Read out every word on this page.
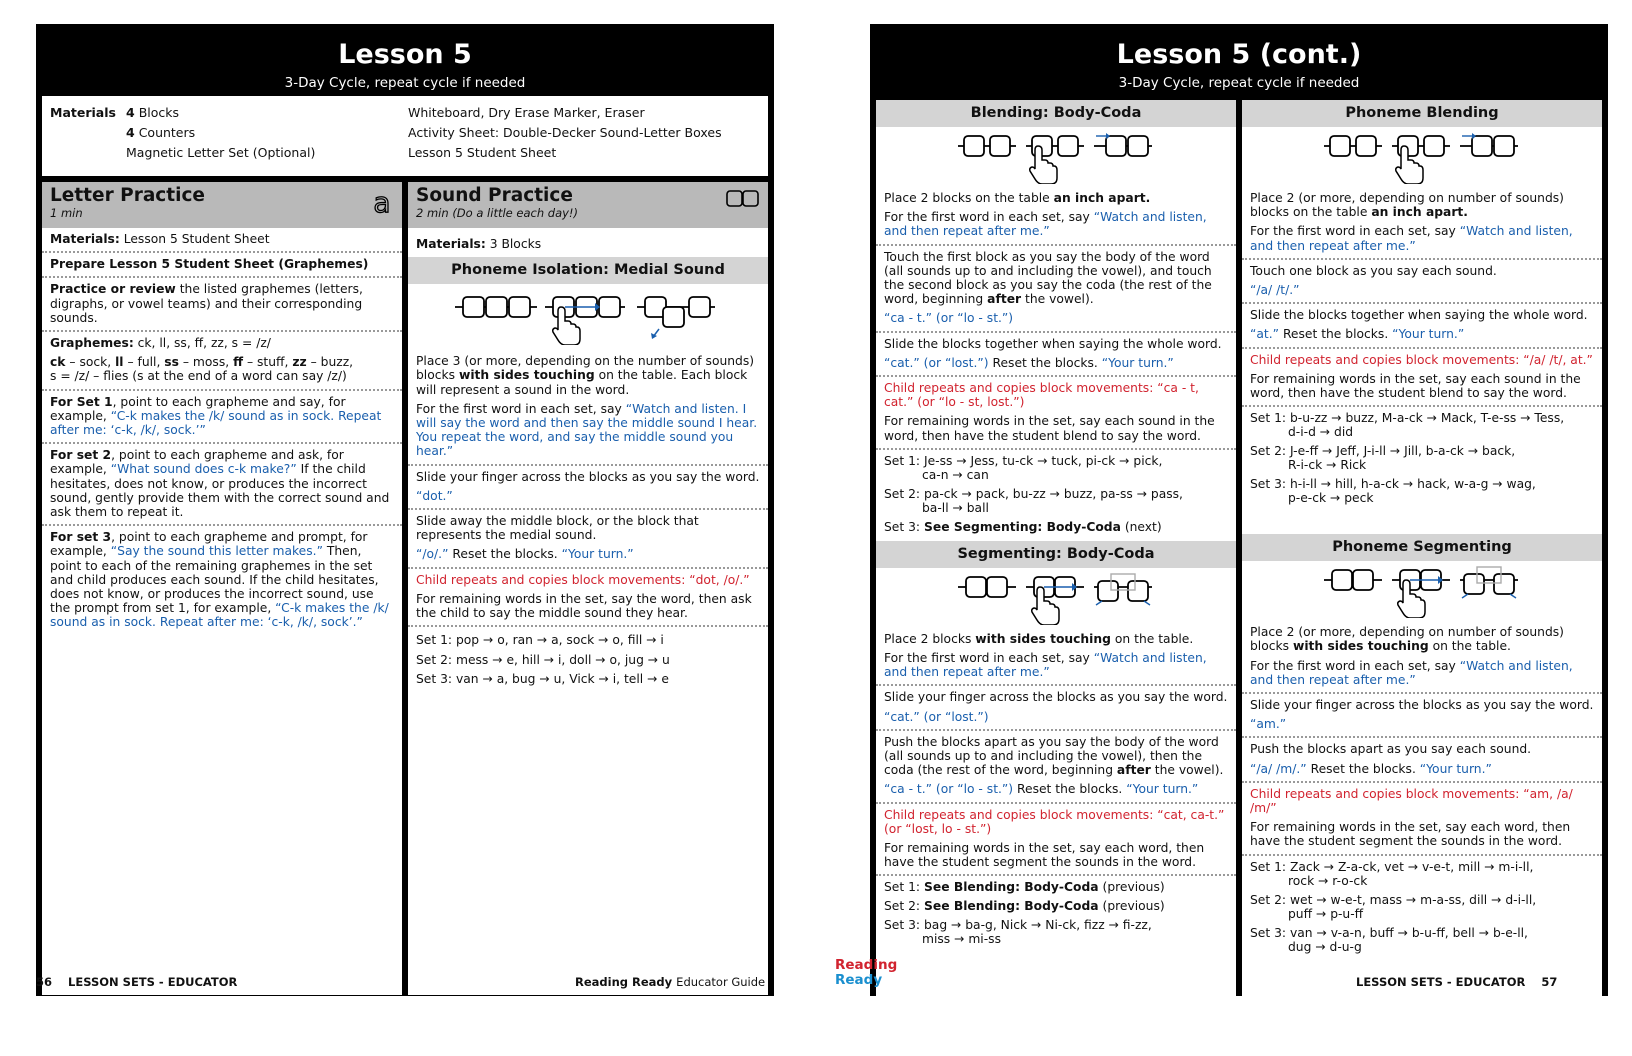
Lesson 5
3-Day Cycle, repeat cycle if needed
Materials 4 Blocks
4 Counters
Magnetic Letter Set (Optional)
Whiteboard, Dry Erase Marker, Eraser
Activity Sheet: Double-Decker Sound-Letter Boxes
Lesson 5 Student Sheet
Letter Practice
1 min	a
Materials: Lesson 5 Student Sheet
Prepare Lesson 5 Student Sheet (Graphemes)
Practice or review the listed graphemes (letters, digraphs, or vowel teams) and their corresponding sounds.

Graphemes: ck, ll, ss, ff, zz, s = /z/

ck – sock, ll – full, ss – moss, ff – stuff, zz – buzz,
s = /z/ – flies (s at the end of a word can say /z/)

For Set 1, point to each grapheme and say, for example, “C-k makes the /k/ sound as in sock. Repeat after me: ‘c-k, /k/, sock.’”
For set 2, point to each grapheme and ask, for example, “What sound does c-k make?” If the child hesitates, does not know, or produces the incorrect sound, gently provide them with the correct sound and ask them to repeat it.
For set 3, point to each grapheme and prompt, for example, “Say the sound this letter makes.” Then, point to each of the remaining graphemes in the set and child produces each sound. If the child hesitates, does not know, or produces the incorrect sound, use the prompt from set 1, for example, “C-k makes the /k/ sound as in sock. Repeat after me: ‘c-k, /k/, sock’.”
Sound Practice
2 min (Do a little each day!)
Materials: 3 Blocks
Phoneme Isolation: Medial Sound

Place 3 (or more, depending on the number of sounds) blocks with sides touching on the table. Each block will represent a sound in the word.

For the first word in each set, say “Watch and listen. I will say the word and then say the middle sound I hear. You repeat the word, and say the middle sound you hear.”

Slide your finger across the blocks as you say the word.

“dot.”

Slide away the middle block, or the block that represents the medial sound.

“/o/.” Reset the blocks. “Your turn.”

Child repeats and copies block movements: “dot, /o/.”

For remaining words in the set, say the word, then ask the child to say the middle sound they hear.

Set 1: pop → o, ran → a, sock → o, fill → i
Set 2: mess → e, hill → i, doll → o, jug → u
Set 3: van → a, bug → u, Vick → i, tell → e
56 LESSON SETS - EDUCATOR	Reading Ready Educator Guide
Lesson 5 (cont.)
3-Day Cycle, repeat cycle if needed
Blending: Body-Coda

Place 2 blocks on the table an inch apart.

For the first word in each set, say “Watch and listen, and then repeat after me.”

Touch the first block as you say the body of the word (all sounds up to and including the vowel), and touch the second block as you say the coda (the rest of the word, beginning after the vowel).

“ca - t.” (or “lo - st.”)

Slide the blocks together when saying the whole word.

“cat.” (or “lost.”) Reset the blocks. “Your turn.”

Child repeats and copies block movements: “ca - t, cat.” (or “lo - st, lost.”)

For remaining words in the set, say each sound in the word, then have the student blend to say the word.

Set 1: Je-ss → Jess, tu-ck → tuck, pi-ck → pick,
ca-n → can

Set 2: pa-ck → pack, bu-zz → buzz, pa-ss → pass,
ba-ll → ball

Set 3: See Segmenting: Body-Coda (next)

Segmenting: Body-Coda

Place 2 blocks with sides touching on the table.

For the first word in each set, say “Watch and listen, and then repeat after me.”

Slide your finger across the blocks as you say the word.

“cat.” (or “lost.”)

Push the blocks apart as you say the body of the word (all sounds up to and including the vowel), then the coda (the rest of the word, beginning after the vowel).

“ca - t.” (or “lo - st.”) Reset the blocks. “Your turn.”

Child repeats and copies block movements: “cat, ca-t.” (or “lost, lo - st.”)

For remaining words in the set, say each word, then have the student segment the sounds in the word.

Set 1: See Blending: Body-Coda (previous)

Set 2: See Blending: Body-Coda (previous)

Set 3: bag → ba-g, Nick → Ni-ck, fizz → fi-zz,
miss → mi-ss

Phoneme Blending

Place 2 (or more, depending on number of sounds) blocks on the table an inch apart.

For the first word in each set, say “Watch and listen, and then repeat after me.”

Touch one block as you say each sound.

“/a/ /t/.”

Slide the blocks together when saying the whole word.

“at.” Reset the blocks. “Your turn.”

Child repeats and copies block movements: “/a/ /t/, at.”

For remaining words in the set, say each sound in the word, then have the student blend to say the word.

Set 1: b-u-zz → buzz, M-a-ck → Mack, T-e-ss → Tess,
d-i-d → did

Set 2: J-e-ff → Jeff, J-i-ll → Jill, b-a-ck → back,
R-i-ck → Rick

Set 3: h-i-ll → hill, h-a-ck → hack, w-a-g → wag,
p-e-ck → peck

Phoneme Segmenting

Place 2 (or more, depending on number of sounds) blocks with sides touching on the table.

For the first word in each set, say “Watch and listen, and then repeat after me.”

Slide your finger across the blocks as you say the word.

“am.”

Push the blocks apart as you say each sound.

“/a/ /m/.” Reset the blocks. “Your turn.”

Child repeats and copies block movements: “am, /a/ /m/”

For remaining words in the set, say each word, then have the student segment the sounds in the word.

Set 1: Zack → Z-a-ck, vet → v-e-t, mill → m-i-ll,
rock → r-o-ck

Set 2: wet → w-e-t, mass → m-a-ss, dill → d-i-ll,
puff → p-u-ff

Set 3: van → v-a-n, buff → b-u-ff, bell → b-e-ll,
dug → d-u-g

Reading
Ready	LESSON SETS - EDUCATOR 57
